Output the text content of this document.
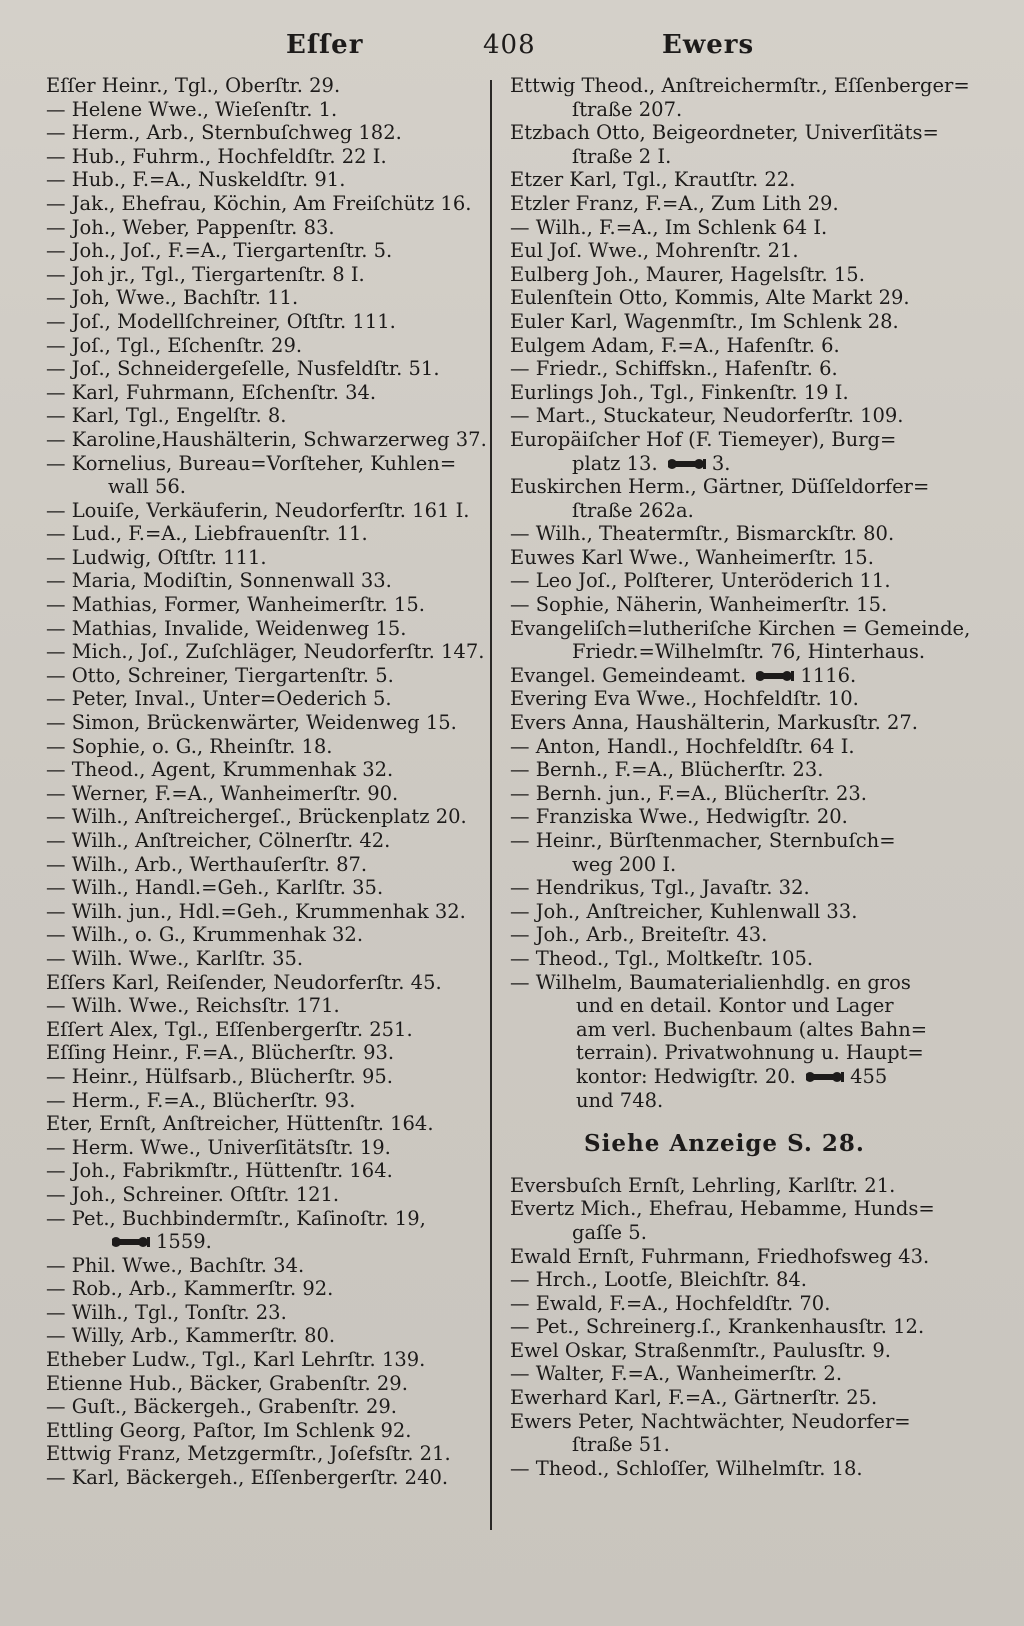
Eſſer	408	Ewers

Eſſer Heinr., Tgl., Oberſtr. 29.

— Helene Wwe., Wieſenſtr. 1.

— Herm., Arb., Sternbuſchweg 182.

— Hub., Fuhrm., Hochfeldſtr. 22 I.

— Hub., F.=A., Nuskeldſtr. 91.

— Jak., Ehefrau, Köchin, Am Freiſchütz 16.

— Joh., Weber, Pappenſtr. 83.

— Joh., Joſ., F.=A., Tiergartenſtr. 5.

— Joh jr., Tgl., Tiergartenſtr. 8 I.

— Joh, Wwe., Bachſtr. 11.

— Joſ., Modellſchreiner, Oſtſtr. 111.

— Joſ., Tgl., Eſchenſtr. 29.

— Joſ., Schneidergeſelle, Nusfeldſtr. 51.

— Karl, Fuhrmann, Eſchenſtr. 34.

— Karl, Tgl., Engelſtr. 8.

— Karoline,Haushälterin, Schwarzerweg 37.

— Kornelius, Bureau=Vorſteher, Kuhlen=

wall 56.

— Louiſe, Verkäuferin, Neudorferſtr. 161 I.

— Lud., F.=A., Liebfrauenſtr. 11.

— Ludwig, Oſtſtr. 111.

— Maria, Modiſtin, Sonnenwall 33.

— Mathias, Former, Wanheimerſtr. 15.

— Mathias, Invalide, Weidenweg 15.

— Mich., Joſ., Zuſchläger, Neudorferſtr. 147.

— Otto, Schreiner, Tiergartenſtr. 5.

— Peter, Inval., Unter=Oederich 5.

— Simon, Brückenwärter, Weidenweg 15.

— Sophie, o. G., Rheinſtr. 18.

— Theod., Agent, Krummenhak 32.

— Werner, F.=A., Wanheimerſtr. 90.

— Wilh., Anſtreichergeſ., Brückenplatz 20.

— Wilh., Anſtreicher, Cölnerſtr. 42.

— Wilh., Arb., Werthauſerſtr. 87.

— Wilh., Handl.=Geh., Karlſtr. 35.

— Wilh. jun., Hdl.=Geh., Krummenhak 32.

— Wilh., o. G., Krummenhak 32.

— Wilh. Wwe., Karlſtr. 35.

Eſſers Karl, Reiſender, Neudorferſtr. 45.

— Wilh. Wwe., Reichsſtr. 171.

Eſſert Alex, Tgl., Eſſenbergerſtr. 251.

Eſſing Heinr., F.=A., Blücherſtr. 93.

— Heinr., Hülfsarb., Blücherſtr. 95.

— Herm., F.=A., Blücherſtr. 93.

Eter, Ernſt, Anſtreicher, Hüttenſtr. 164.

— Herm. Wwe., Univerſitätsſtr. 19.

— Joh., Fabrikmſtr., Hüttenſtr. 164.

— Joh., Schreiner. Oſtſtr. 121.

— Pet., Buchbindermſtr., Kaſinoſtr. 19,

1559.

— Phil. Wwe., Bachſtr. 34.

— Rob., Arb., Kammerſtr. 92.

— Wilh., Tgl., Tonſtr. 23.

— Willy, Arb., Kammerſtr. 80.

Etheber Ludw., Tgl., Karl Lehrſtr. 139.

Etienne Hub., Bäcker, Grabenſtr. 29.

— Guſt., Bäckergeh., Grabenſtr. 29.

Ettling Georg, Paſtor, Im Schlenk 92.

Ettwig Franz, Metzgermſtr., Joſefsſtr. 21.

— Karl, Bäckergeh., Eſſenbergerſtr. 240.

Ettwig Theod., Anſtreichermſtr., Eſſenberger=

ſtraße 207.

Etzbach Otto, Beigeordneter, Univerſitäts=

ſtraße 2 I.

Etzer Karl, Tgl., Krautſtr. 22.

Etzler Franz, F.=A., Zum Lith 29.

— Wilh., F.=A., Im Schlenk 64 I.

Eul Joſ. Wwe., Mohrenſtr. 21.

Eulberg Joh., Maurer, Hagelsſtr. 15.

Eulenſtein Otto, Kommis, Alte Markt 29.

Euler Karl, Wagenmſtr., Im Schlenk 28.

Eulgem Adam, F.=A., Hafenſtr. 6.

— Friedr., Schiffskn., Hafenſtr. 6.

Eurlings Joh., Tgl., Finkenſtr. 19 I.

— Mart., Stuckateur, Neudorferſtr. 109.

Europäiſcher Hof (F. Tiemeyer), Burg=

platz 13.	3.

Euskirchen Herm., Gärtner, Düſſeldorfer=

ſtraße 262a.

— Wilh., Theatermſtr., Bismarckſtr. 80.

Euwes Karl Wwe., Wanheimerſtr. 15.

— Leo Joſ., Polſterer, Unteröderich 11.

— Sophie, Näherin, Wanheimerſtr. 15.

Evangeliſch=lutheriſche Kirchen = Gemeinde,

Friedr.=Wilhelmſtr. 76, Hinterhaus.

Evangel. Gemeindeamt.	1116.

Evering Eva Wwe., Hochfeldſtr. 10.

Evers Anna, Haushälterin, Markusſtr. 27.

— Anton, Handl., Hochfeldſtr. 64 I.

— Bernh., F.=A., Blücherſtr. 23.

— Bernh. jun., F.=A., Blücherſtr. 23.

— Franziska Wwe., Hedwigſtr. 20.

— Heinr., Bürſtenmacher, Sternbuſch=

weg 200 I.

— Hendrikus, Tgl., Javaſtr. 32.

— Joh., Anſtreicher, Kuhlenwall 33.

— Joh., Arb., Breiteſtr. 43.

— Theod., Tgl., Moltkeſtr. 105.

— Wilhelm, Baumaterialienhdlg. en gros

und en detail. Kontor und Lager

am verl. Buchenbaum (altes Bahn=

terrain). Privatwohnung u. Haupt=

kontor: Hedwigſtr. 20.	455

und 748.

Siehe Anzeige S. 28.

Eversbuſch Ernſt, Lehrling, Karlſtr. 21.

Evertz Mich., Ehefrau, Hebamme, Hunds=

gaſſe 5.

Ewald Ernſt, Fuhrmann, Friedhofsweg 43.

— Hrch., Lootſe, Bleichſtr. 84.

— Ewald, F.=A., Hochfeldſtr. 70.

— Pet., Schreinerg.ſ., Krankenhausſtr. 12.

Ewel Oskar, Straßenmſtr., Paulusſtr. 9.

— Walter, F.=A., Wanheimerſtr. 2.

Ewerhard Karl, F.=A., Gärtnerſtr. 25.

Ewers Peter, Nachtwächter, Neudorfer=

ſtraße 51.

— Theod., Schloſſer, Wilhelmſtr. 18.
